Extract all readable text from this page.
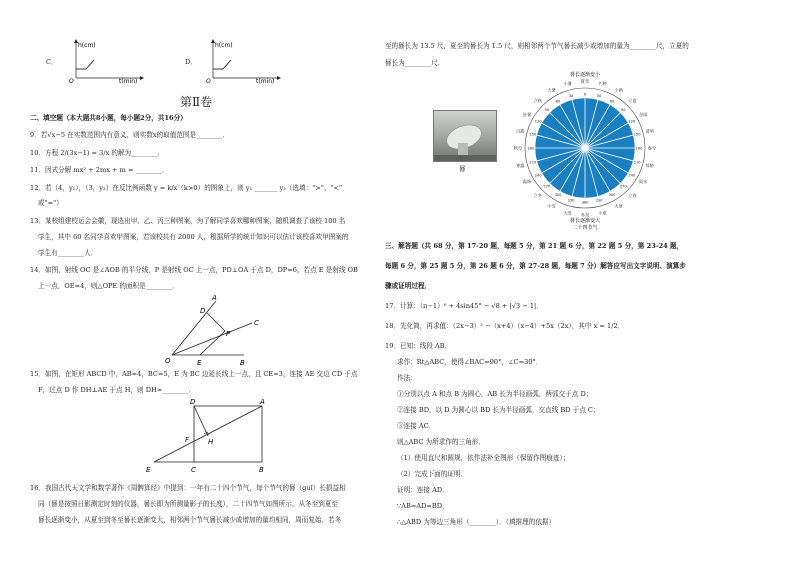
C．
h(cm)
O	t(min)
D．
h(cm)
O	t(min)
第Ⅱ卷
二、填空题（本大题共8小题，每小题2分，共16分）
9．若√x−5 在实数范围内有意义，则实数x的取值范围是________．
10．方程 2/(3x−1) = 3/x 的解为________．
11．因式分解 mx² + 2mx + m = ________．
12．若（4，y₁），（3，y₂）在反比例函数 y = k/x（k>0）的图象上，则 y₁ _______ y₂（选填：">"、"<"
或"="）
13．某校组建校运会会徽，现选出甲、乙、丙三种图案，为了解同学喜欢哪种图案，随机调查了该校 100 名
学生，其中 60 名同学喜欢甲图案，若该校共有 2000 人，根据所学的统计知识可以估计该校喜欢甲图案的
学生有________人．
14．如图，射线 OC 是∠AOB 的平分线，P 是射线 OC 上一点，PD⊥OA 于点 D，DP=6，若点 E 是射线 OB
上一点，OE=4，则△OPE 的面积是________．
A
D
C
P
O	E	B
15．如图，在矩形 ABCD 中，AB=4，BC=5，E 为 BC 边延长线上一点，且 CE=3，连接 AE 交边 CD 于点
F，过点 D 作 DH⊥AE 于点 H，则 DH=________．
D	A
F	H
E	C	B
16．我国古代天文学和数学著作《周髀算经》中提到：一年有二十四个节气，每个节气的晷（guǐ）长损益相
同（晷是按照日影测定时刻的仪器，晷长即为所测量影子的长度），二十四节气如图所示，从冬至到夏至
晷长逐渐变小，从夏至到冬至晷长逐渐变大，相邻两个节气晷长减少或增加的量均相同，周而复始．若冬
至的晷长为 13.5 尺，夏至的晷长为 1.5 尺，则相邻两个节气晷长减少或增加的量为________尺，立夏的
晷长为________尺．
晷
晷长逐渐变小
晷长逐渐变大
二十四节气
0
夏至
30
芒种
60
小满
90
立夏
120
谷雨
150
清明
180 春分
210
惊蛰
240
雨水
270
立春
300
大寒
330
小寒
360
冬至
330
大雪
300
小雪
270
立冬
240
霜降
210
寒露
180
秋分
150
白露
120
处暑
90
立秋	60
大暑
30
小暑
三、解答题（共 68 分，第 17-20 题，每题 5 分，第 21 题 6 分，第 22 题 5 分，第 23-24 题，
每题 6 分，第 25 题 5 分，第 26 题 6 分，第 27-28 题，每题 7 分）解答应写出文字说明、演算步
骤或证明过程．
17．计算：（π−1）⁰ + 4sin45° − √8 + |√3 − 1|．
18．先化简，再求值：（2x−3）² −（x+4）（x−4）+5x（2x），其中 x = 1/2．
19．已知：线段 AB．
求作：Rt△ABC，使得∠BAC=90°，∠C=30°．
作法：
①分别以点 A 和点 B 为圆心，AB 长为半径画弧，两弧交于点 D；
②连接 BD，以 D 为圆心以 BD 长为半径画弧，交直线 BD 于点 C；
③连接 AC．
则△ABC 为所求作的三角形．
（1）使用直尺和圆规，依作法补全图形（保留作图痕迹）；
（2）完成下面的证明．
证明：连接 AD．
∵AB=AD=BD，
∴△ABD 为等边三角形（________）．（填推理的依据）
